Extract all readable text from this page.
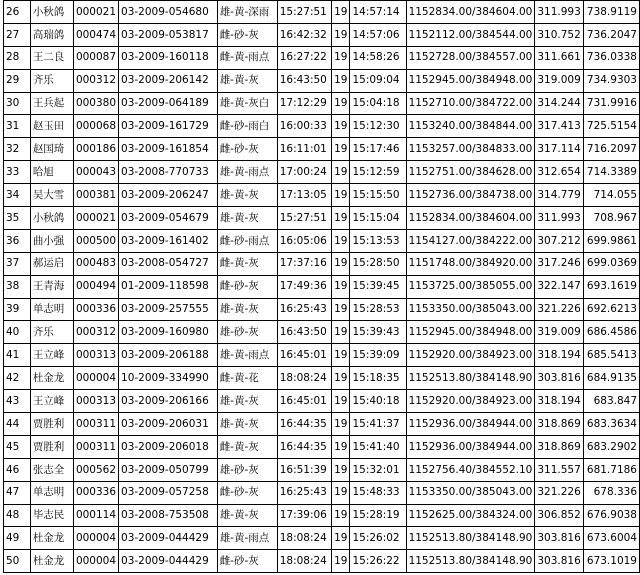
26	小秋鸽	000021	03-2009-054680	雄-黄-深雨	15:27:51	19	14:57:14	1152834.00/384604.00	311.993	738.9119
27	高瑞鸽	000474	03-2009-053817	雌-砂-灰	16:42:32	19	14:57:06	1152112.00/384544.00	310.752	736.2047
28	王二良	000087	03-2009-160118	雌-黄-雨点	16:27:22	19	14:58:26	1152728.00/384557.00	311.661	736.0338
29	齐乐	000312	03-2009-206142	雄-黄-灰	16:43:50	19	15:09:04	1152945.00/384948.00	319.009	734.9303
30	王兵起	000380	03-2009-064189	雄-黄-灰白	17:12:29	19	15:04:18	1152710.00/384722.00	314.244	731.9916
31	赵玉田	000068	03-2009-161729	雌-砂-雨白	16:00:33	19	15:12:30	1153240.00/384844.00	317.413	725.5154
32	赵国琦	000186	03-2009-161854	雌-砂-灰	16:11:01	19	15:17:46	1153257.00/384833.00	317.114	716.2097
33	哈旭	000043	03-2008-770733	雄-黄-雨点	17:00:24	19	15:12:59	1152751.00/384628.00	312.654	714.3389
34	吴大雪	000381	03-2009-206247	雄-黄-灰	17:13:05	19	15:15:50	1152736.00/384738.00	314.779	714.055
35	小秋鸽	000021	03-2009-054679	雄-黄-灰	15:27:51	19	15:15:04	1152834.00/384604.00	311.993	708.967
36	曲小强	000500	03-2009-161402	雌-砂-雨点	16:05:06	19	15:13:53	1154127.00/384222.00	307.212	699.9861
37	郝运启	000483	03-2008-054727	雌-黄-灰	17:37:16	19	15:28:50	1151748.00/384920.00	317.246	699.0369
38	王青海	000494	01-2009-118598	雌-砂-灰	17:49:36	19	15:39:45	1153725.00/385055.00	322.147	693.1619
39	单志明	000336	03-2009-257555	雄-黄-灰	16:25:43	19	15:28:53	1153350.00/385043.00	321.226	692.6213
40	齐乐	000312	03-2009-160980	雄-砂-灰	16:43:50	19	15:39:43	1152945.00/384948.00	319.009	686.4586
41	王立峰	000313	03-2009-206188	雄-黄-雨点	16:45:01	19	15:39:09	1152920.00/384923.00	318.194	685.5413
42	杜金龙	000004	10-2009-334990	雌-黄-花	18:08:24	19	15:18:35	1152513.80/384148.90	303.816	684.9135
43	王立峰	000313	03-2009-206166	雄-黄-灰	16:45:01	19	15:40:18	1152920.00/384923.00	318.194	683.847
44	贾胜利	000311	03-2009-206031	雄-黄-灰	16:44:35	19	15:41:37	1152936.00/384944.00	318.869	683.3634
45	贾胜利	000311	03-2009-206018	雌-黄-灰	16:44:35	19	15:41:40	1152936.00/384944.00	318.869	683.2902
46	张志全	000562	03-2009-050799	雄-砂-灰	16:51:39	19	15:32:01	1152756.40/384552.10	311.557	681.7186
47	单志明	000336	03-2009-057258	雌-砂-灰	16:25:43	19	15:48:33	1153350.00/385043.00	321.226	678.336
48	毕志民	000114	03-2008-753508	雄-黄-灰	17:39:06	19	15:28:19	1152625.00/384324.00	306.852	676.9038
49	杜金龙	000004	03-2009-044429	雄-黄-雨点	18:08:24	19	15:26:02	1152513.80/384148.90	303.816	673.6004
50	杜金龙	000004	03-2009-044429	雌-砂-灰	18:08:24	19	15:26:22	1152513.80/384148.90	303.816	673.1019
